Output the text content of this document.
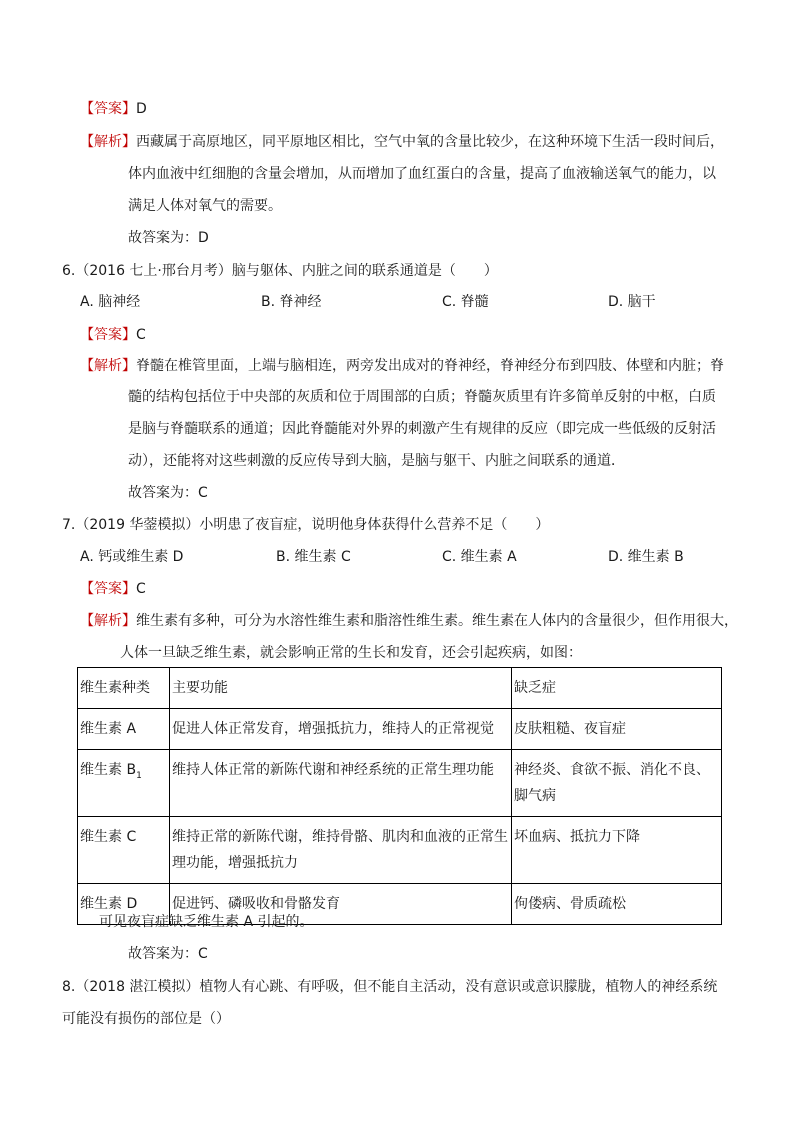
【答案】D
【解析】西藏属于高原地区，同平原地区相比，空气中氧的含量比较少，在这种环境下生活一段时间后，
体内血液中红细胞的含量会增加，从而增加了血红蛋白的含量，提高了血液输送氧气的能力，以
满足人体对氧气的需要。
故答案为：D
6.（2016 七上·邢台月考）脑与躯体、内脏之间的联系通道是（　　）
A. 脑神经	B. 脊神经	C. 脊髓	D. 脑干
【答案】C
【解析】脊髓在椎管里面，上端与脑相连，两旁发出成对的脊神经，脊神经分布到四肢、体壁和内脏；脊
髓的结构包括位于中央部的灰质和位于周围部的白质；脊髓灰质里有许多简单反射的中枢，白质
是脑与脊髓联系的通道；因此脊髓能对外界的刺激产生有规律的反应（即完成一些低级的反射活
动），还能将对这些刺激的反应传导到大脑，是脑与躯干、内脏之间联系的通道．
故答案为：C
7.（2019 华蓥模拟）小明患了夜盲症，说明他身体获得什么营养不足（　　）
A. 钙或维生素 D	B. 维生素 C	C. 维生素 A	D. 维生素 B
【答案】C
【解析】维生素有多种，可分为水溶性维生素和脂溶性维生素。维生素在人体内的含量很少，但作用很大，
人体一旦缺乏维生素，就会影响正常的生长和发育，还会引起疾病，如图：
维生素种类	主要功能	缺乏症
维生素 A	促进人体正常发育，增强抵抗力，维持人的正常视觉	皮肤粗糙、夜盲症
维生素 $B_1$	维持人体正常的新陈代谢和神经系统的正常生理功能	神经炎、食欲不振、消化不良、脚气病
维生素 C	维持正常的新陈代谢，维持骨骼、肌肉和血液的正常生理功能，增强抵抗力	坏血病、抵抗力下降
维生素 D	促进钙、磷吸收和骨骼发育	佝偻病、骨质疏松
可见夜盲症缺乏维生素 A 引起的。
故答案为：C
8.（2018 湛江模拟）植物人有心跳、有呼吸，但不能自主活动，没有意识或意识朦胧，植物人的神经系统
可能没有损伤的部位是（）
